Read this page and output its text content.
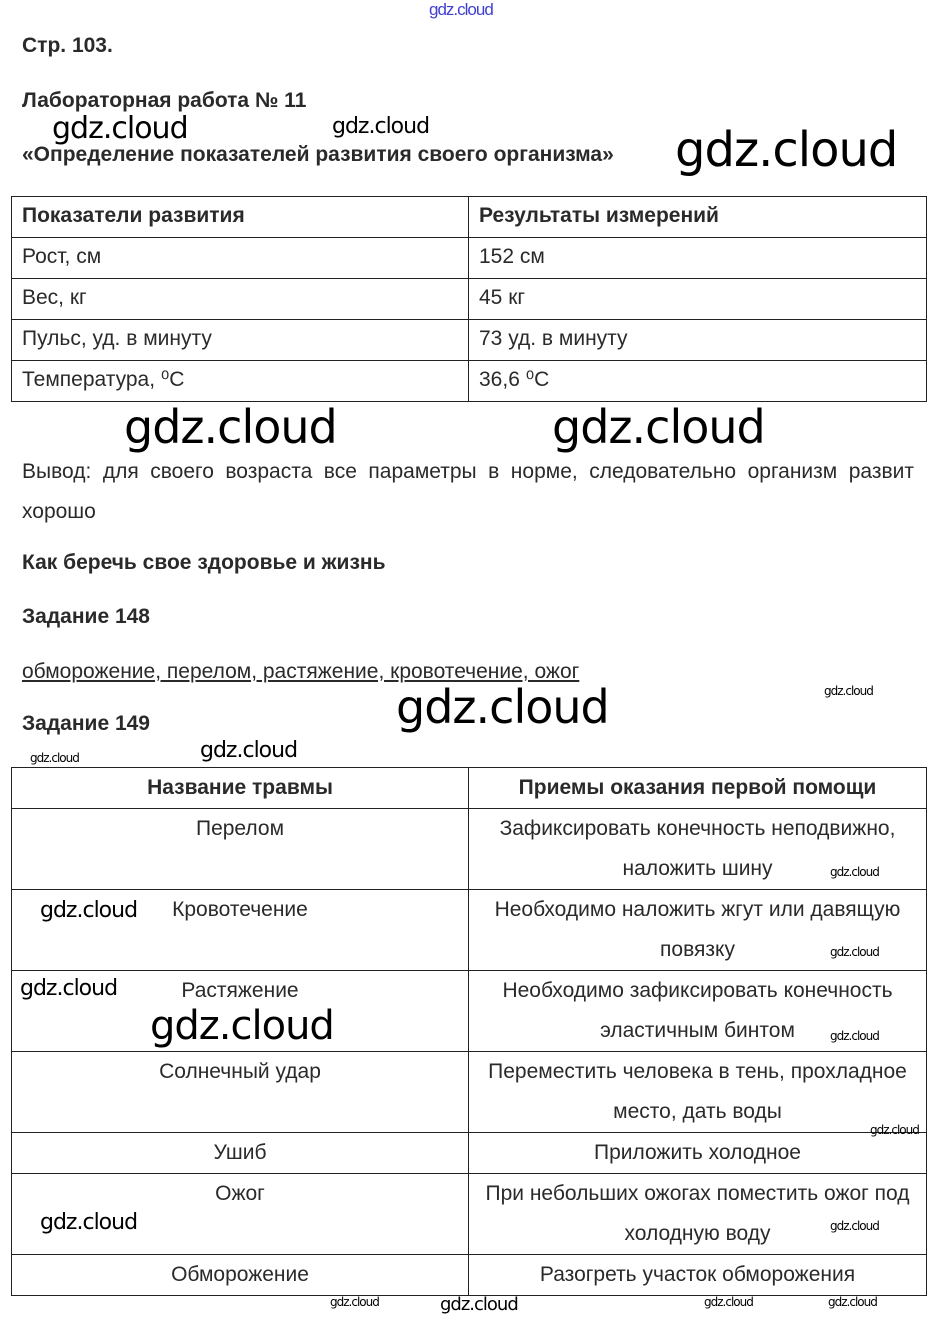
gdz.cloud
Стр. 103.
Лабораторная работа № 11
«Определение показателей развития своего организма»
gdz.cloud	gdz.cloud	gdz.cloud
Показатели развития	Результаты измерений
Рост, см	152 см
Вес, кг	45 кг
Пульс, уд. в минуту	73 уд. в минуту
Температура, ⁰С	36,6 ⁰С
gdz.cloud	gdz.cloud
Вывод: для своего возраста все параметры в норме, следовательно организм развит хорошо
Как беречь свое здоровье и жизнь
Задание 148
обморожение, перелом, растяжение, кровотечение, ожог
gdz.cloud
Задание 149	gdz.cloud
gdz.cloud
Название травмы	Приемы оказания первой помощи
Перелом	Зафиксировать конечность неподвижно, наложить шину
Кровотечение	Необходимо наложить жгут или давящую повязку
Растяжение	Необходимо зафиксировать конечность эластичным бинтом
Солнечный удар	Переместить человека в тень, прохладное место, дать воды
Ушиб	Приложить холодное
Ожог	При небольших ожогах поместить ожог под холодную воду
Обморожение	Разогреть участок обморожения
gdz.cloud
gdz.cloud
gdz.cloud
gdz.cloud
gdz.cloud
gdz.cloud
gdz.cloud
gdz.cloud
gdz.cloud	gdz.cloud
gdz.cloud	gdz.cloud	gdz.cloud	gdz.cloud
